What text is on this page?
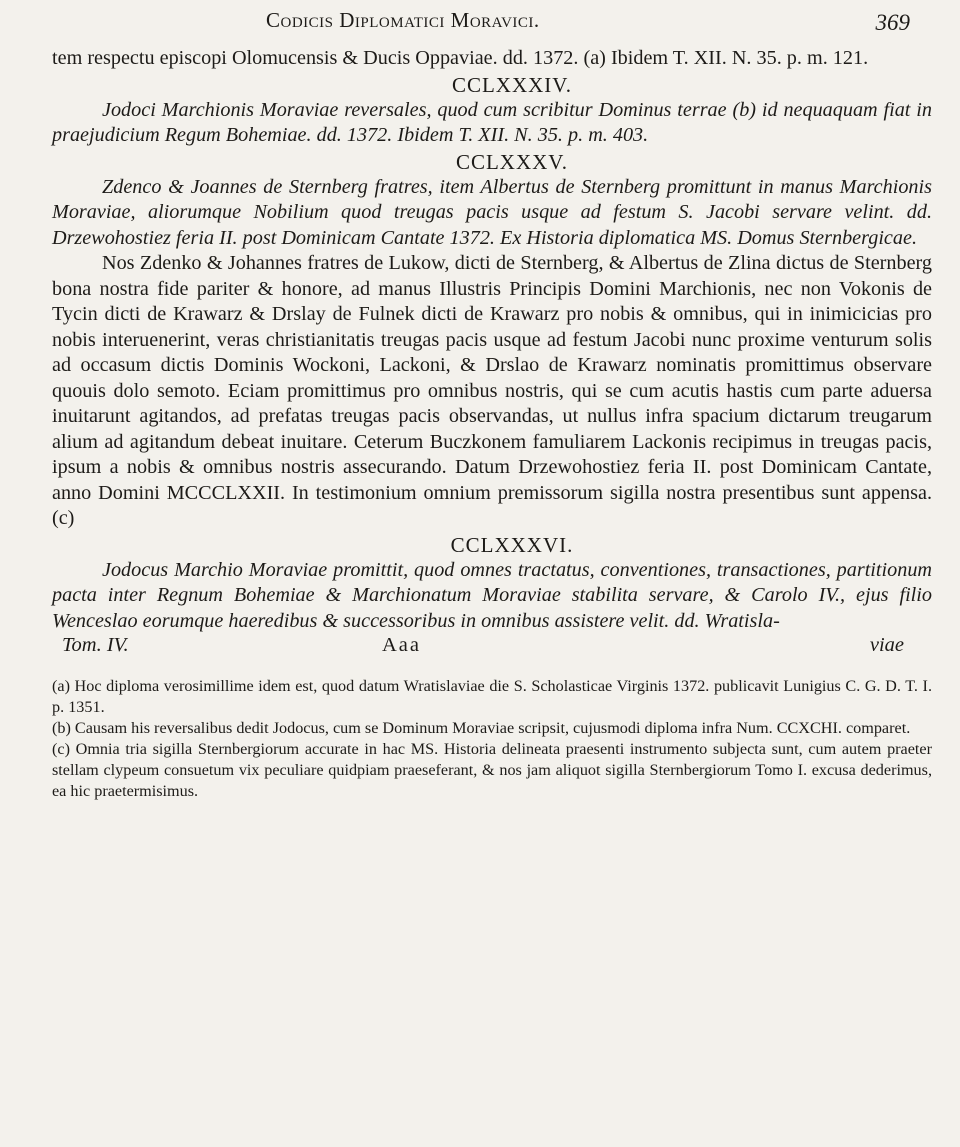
Codicis Diplomatici Moravici.	369

tem respectu episcopi Olomucensis & Ducis Oppaviae. dd. 1372. (a) Ibidem T. XII. N. 35. p. m. 121.

CCLXXXIV.

Jodoci Marchionis Moraviae reversales, quod cum scribitur Dominus terrae (b) id nequaquam fiat in praejudicium Regum Bohemiae. dd. 1372. Ibidem T. XII. N. 35. p. m. 403.

CCLXXXV.

Zdenco & Joannes de Sternberg fratres, item Albertus de Sternberg promittunt in manus Marchionis Moraviae, aliorumque Nobilium quod treugas pacis usque ad festum S. Jacobi servare velint. dd. Drzewohostiez feria II. post Dominicam Cantate 1372. Ex Historia diplomatica MS. Domus Sternbergicae.

Nos Zdenko & Johannes fratres de Lukow, dicti de Sternberg, & Albertus de Zlina dictus de Sternberg bona nostra fide pariter & honore, ad manus Illustris Principis Domini Marchionis, nec non Vokonis de Tycin dicti de Krawarz & Drslay de Fulnek dicti de Krawarz pro nobis & omnibus, qui in inimicicias pro nobis interuenerint, veras christianitatis treugas pacis usque ad festum Jacobi nunc proxime venturum solis ad occasum dictis Dominis Wockoni, Lackoni, & Drslao de Krawarz nominatis promittimus observare quouis dolo semoto. Eciam promittimus pro omnibus nostris, qui se cum acutis hastis cum parte aduersa inuitarunt agitandos, ad prefatas treugas pacis observandas, ut nullus infra spacium dictarum treugarum alium ad agitandum debeat inuitare. Ceterum Buczkonem famuliarem Lackonis recipimus in treugas pacis, ipsum a nobis & omnibus nostris assecurando. Datum Drzewohostiez feria II. post Dominicam Cantate, anno Domini MCCCLXXII. In testimonium omnium premissorum sigilla nostra presentibus sunt appensa. (c)

CCLXXXVI.

Jodocus Marchio Moraviae promittit, quod omnes tractatus, conventiones, transactiones, partitionum pacta inter Regnum Bohemiae & Marchionatum Moraviae stabilita servare, & Carolo IV., ejus filio Wenceslao eorumque haeredibus & successoribus in omnibus assistere velit. dd. Wratisla-

Tom. IV.	Aaa	viae

(a) Hoc diploma verosimillime idem est, quod datum Wratislaviae die S. Scholasticae Virginis 1372. publicavit Lunigius C. G. D. T. I. p. 1351.

(b) Causam his reversalibus dedit Jodocus, cum se Dominum Moraviae scripsit, cujusmodi diploma infra Num. CCXCHI. comparet.

(c) Omnia tria sigilla Sternbergiorum accurate in hac MS. Historia delineata praesenti instrumento subjecta sunt, cum autem praeter stellam clypeum consuetum vix peculiare quidpiam praeseferant, & nos jam aliquot sigilla Sternbergiorum Tomo I. excusa dederimus, ea hic praetermisimus.
